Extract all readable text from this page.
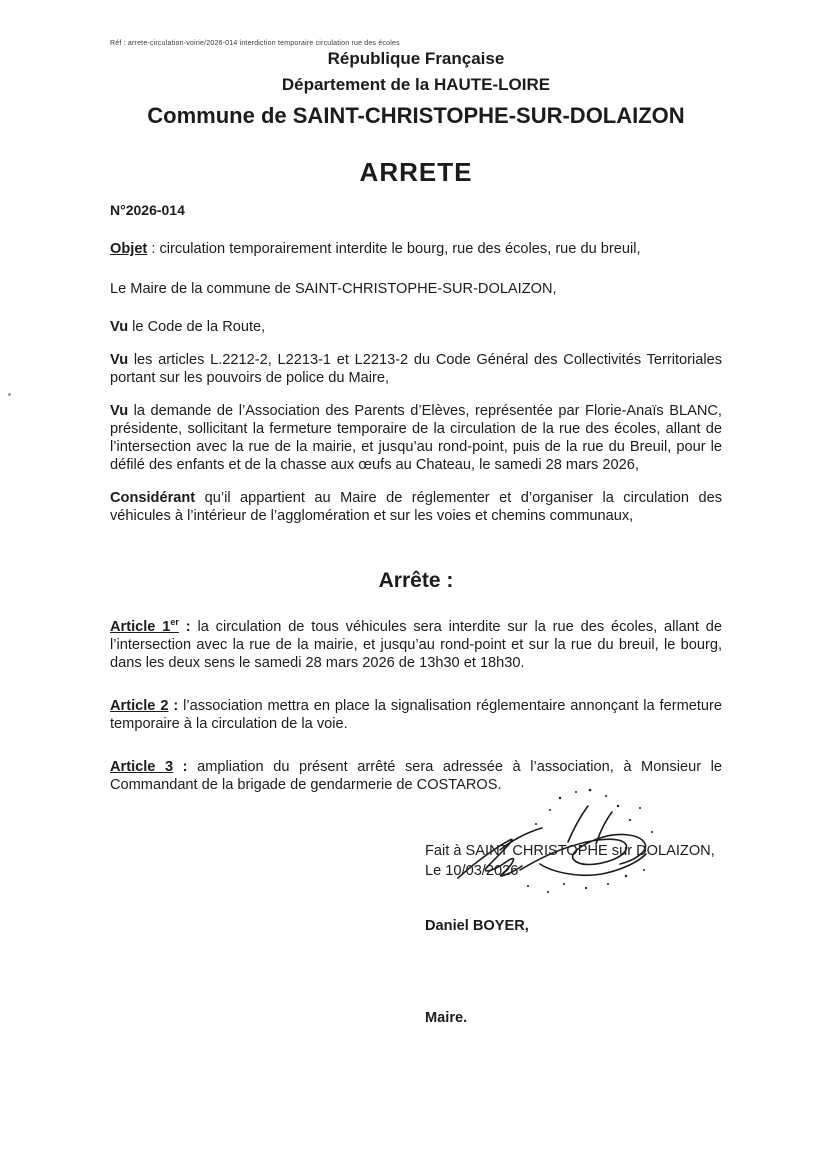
Réf : arrete-circulation-voirie/2026-014 interdiction temporaire circulation rue des écoles

République Française

Département de la HAUTE-LOIRE

Commune de SAINT-CHRISTOPHE-SUR-DOLAIZON

ARRETE

N°2026-014

Objet : circulation temporairement interdite le bourg, rue des écoles, rue du breuil,

Le Maire de la commune de SAINT-CHRISTOPHE-SUR-DOLAIZON,

Vu le Code de la Route,

Vu les articles L.2212-2, L2213-1 et L2213-2 du Code Général des Collectivités Territoriales portant sur les pouvoirs de police du Maire,

Vu la demande de l’Association des Parents d’Elèves, représentée par Florie-Anaïs BLANC, présidente, sollicitant la fermeture temporaire de la circulation de la rue des écoles, allant de l’intersection avec la rue de la mairie, et jusqu’au rond-point, puis de la rue du Breuil, pour le défilé des enfants et de la chasse aux œufs au Chateau, le samedi 28 mars 2026,

Considérant qu’il appartient au Maire de réglementer et d’organiser la circulation des véhicules à l’intérieur de l’agglomération et sur les voies et chemins communaux,

Arrête :

Article 1er : la circulation de tous véhicules sera interdite sur la rue des écoles, allant de l’intersection avec la rue de la mairie, et jusqu’au rond-point et sur la rue du breuil, le bourg, dans les deux sens le samedi 28 mars 2026 de 13h30 et 18h30.

Article 2 : l’association mettra en place la signalisation réglementaire annonçant la fermeture temporaire à la circulation de la voie.

Article 3 : ampliation du présent arrêté sera adressée à l’association, à Monsieur le Commandant de la brigade de gendarmerie de COSTAROS.

Fait à SAINT CHRISTOPHE sur DOLAIZON,

Le 10/03/2026

Daniel BOYER,

Maire.
